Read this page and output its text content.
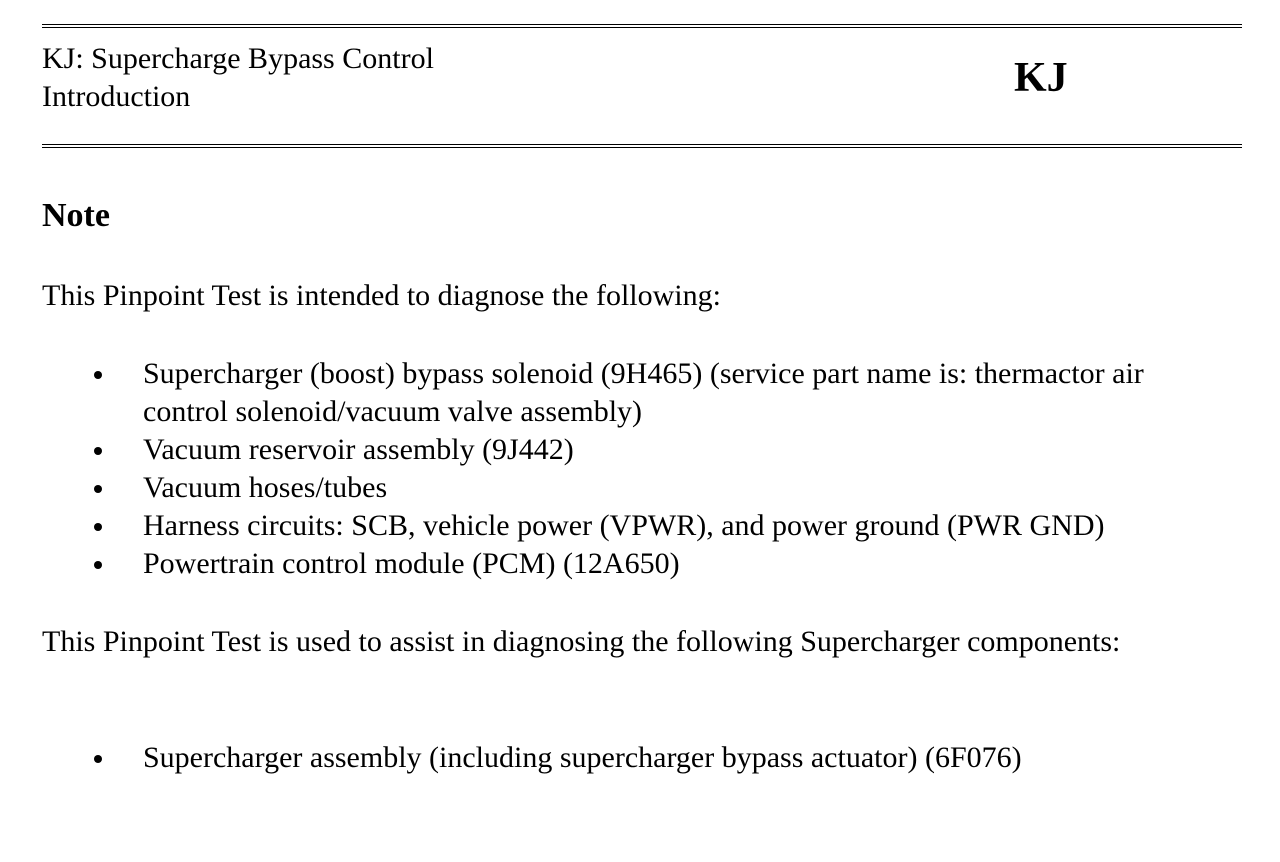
KJ: Supercharge Bypass Control
Introduction	KJ
Note
This Pinpoint Test is intended to diagnose the following:
Supercharger (boost) bypass solenoid (9H465) (service part name is: thermactor air control solenoid/vacuum valve assembly)
Vacuum reservoir assembly (9J442)
Vacuum hoses/tubes
Harness circuits: SCB, vehicle power (VPWR), and power ground (PWR GND)
Powertrain control module (PCM) (12A650)
This Pinpoint Test is used to assist in diagnosing the following Supercharger components:
Supercharger assembly (including supercharger bypass actuator) (6F076)
